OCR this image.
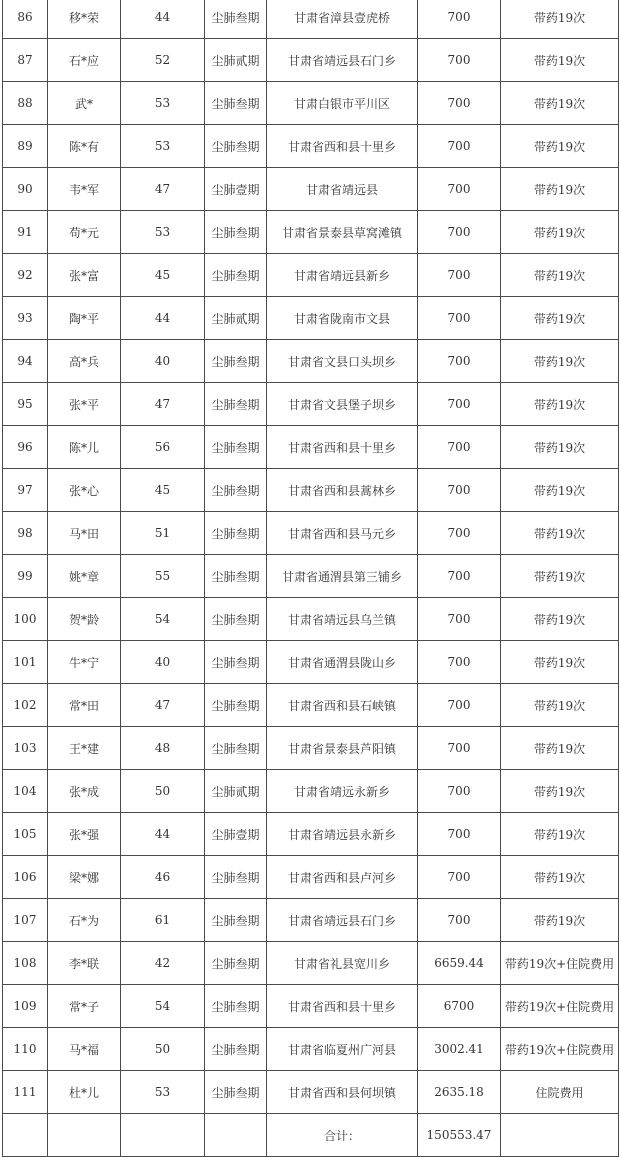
86	移*荣	44	尘肺叁期	甘肃省漳县壹虎桥	700	带药19次
87	石*应	52	尘肺贰期	甘肃省靖远县石门乡	700	带药19次
88	武*	53	尘肺叁期	甘肃白银市平川区	700	带药19次
89	陈*有	53	尘肺叁期	甘肃省西和县十里乡	700	带药19次
90	韦*军	47	尘肺壹期	甘肃省靖远县	700	带药19次
91	苟*元	53	尘肺叁期	甘肃省景泰县草窝滩镇	700	带药19次
92	张*富	45	尘肺叁期	甘肃省靖远县新乡	700	带药19次
93	陶*平	44	尘肺贰期	甘肃省陇南市文县	700	带药19次
94	高*兵	40	尘肺叁期	甘肃省文县口头坝乡	700	带药19次
95	张*平	47	尘肺叁期	甘肃省文县堡子坝乡	700	带药19次
96	陈*儿	56	尘肺叁期	甘肃省西和县十里乡	700	带药19次
97	张*心	45	尘肺叁期	甘肃省西和县蒿林乡	700	带药19次
98	马*田	51	尘肺叁期	甘肃省西和县马元乡	700	带药19次
99	姚*章	55	尘肺叁期	甘肃省通渭县第三铺乡	700	带药19次
100	贺*龄	54	尘肺叁期	甘肃省靖远县乌兰镇	700	带药19次
101	牛*宁	40	尘肺叁期	甘肃省通渭县陇山乡	700	带药19次
102	常*田	47	尘肺叁期	甘肃省西和县石峡镇	700	带药19次
103	王*建	48	尘肺叁期	甘肃省景泰县芦阳镇	700	带药19次
104	张*成	50	尘肺贰期	甘肃省靖远永新乡	700	带药19次
105	张*强	44	尘肺壹期	甘肃省靖远县永新乡	700	带药19次
106	梁*娜	46	尘肺叁期	甘肃省西和县卢河乡	700	带药19次
107	石*为	61	尘肺叁期	甘肃省靖远县石门乡	700	带药19次
108	李*联	42	尘肺叁期	甘肃省礼县宽川乡	6659.44	带药19次+住院费用
109	常*子	54	尘肺叁期	甘肃省西和县十里乡	6700	带药19次+住院费用
110	马*福	50	尘肺叁期	甘肃省临夏州广河县	3002.41	带药19次+住院费用
111	杜*儿	53	尘肺叁期	甘肃省西和县何坝镇	2635.18	住院费用
				合计：	150553.47	
